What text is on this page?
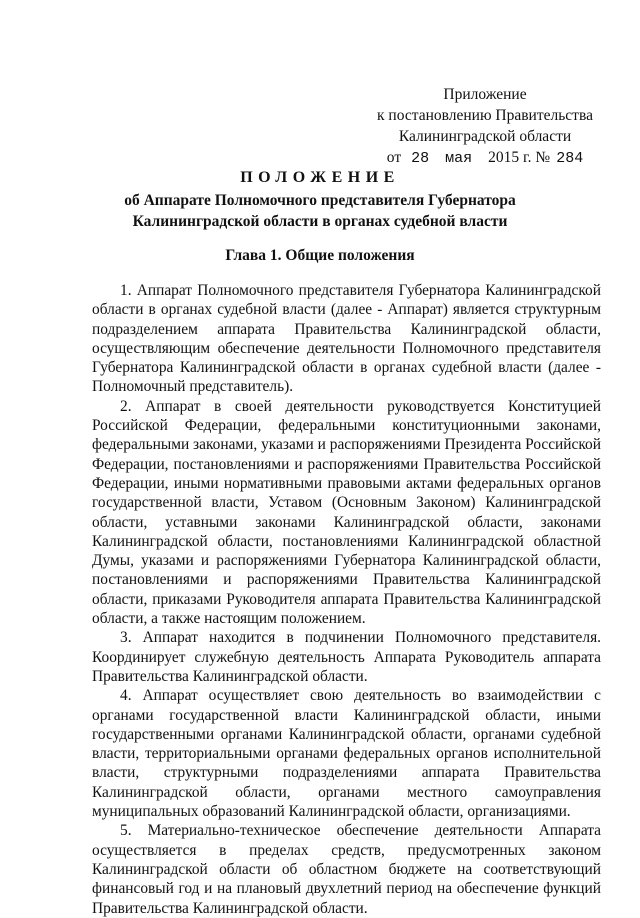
Приложение
к постановлению Правительства
Калининградской области
от 28 мая 2015 г. № 284
ПОЛОЖЕНИЕ
об Аппарате Полномочного представителя Губернатора
Калининградской области в органах судебной власти
Глава 1. Общие положения

1. Аппарат Полномочного представителя Губернатора Калининградской области в органах судебной власти (далее - Аппарат) является структурным подразделением аппарата Правительства Калининградской области, осуществляющим обеспечение деятельности Полномочного представителя Губернатора Калининградской области в органах судебной власти (далее - Полномочный представитель).

2. Аппарат в своей деятельности руководствуется Конституцией Российской Федерации, федеральными конституционными законами, федеральными законами, указами и распоряжениями Президента Российской Федерации, постановлениями и распоряжениями Правительства Российской Федерации, иными нормативными правовыми актами федеральных органов государственной власти, Уставом (Основным Законом) Калининградской области, уставными законами Калининградской области, законами Калининградской области, постановлениями Калининградской областной Думы, указами и распоряжениями Губернатора Калининградской области, постановлениями и распоряжениями Правительства Калининградской области, приказами Руководителя аппарата Правительства Калининградской области, а также настоящим положением.

3. Аппарат находится в подчинении Полномочного представителя. Координирует служебную деятельность Аппарата Руководитель аппарата Правительства Калининградской области.

4. Аппарат осуществляет свою деятельность во взаимодействии с органами государственной власти Калининградской области, иными государственными органами Калининградской области, органами судебной власти, территориальными органами федеральных органов исполнительной власти, структурными подразделениями аппарата Правительства Калининградской области, органами местного самоуправления муниципальных образований Калининградской области, организациями.

5. Материально-техническое обеспечение деятельности Аппарата осуществляется в пределах средств, предусмотренных законом Калининградской области об областном бюджете на соответствующий финансовый год и на плановый двухлетний период на обеспечение функций Правительства Калининградской области.
